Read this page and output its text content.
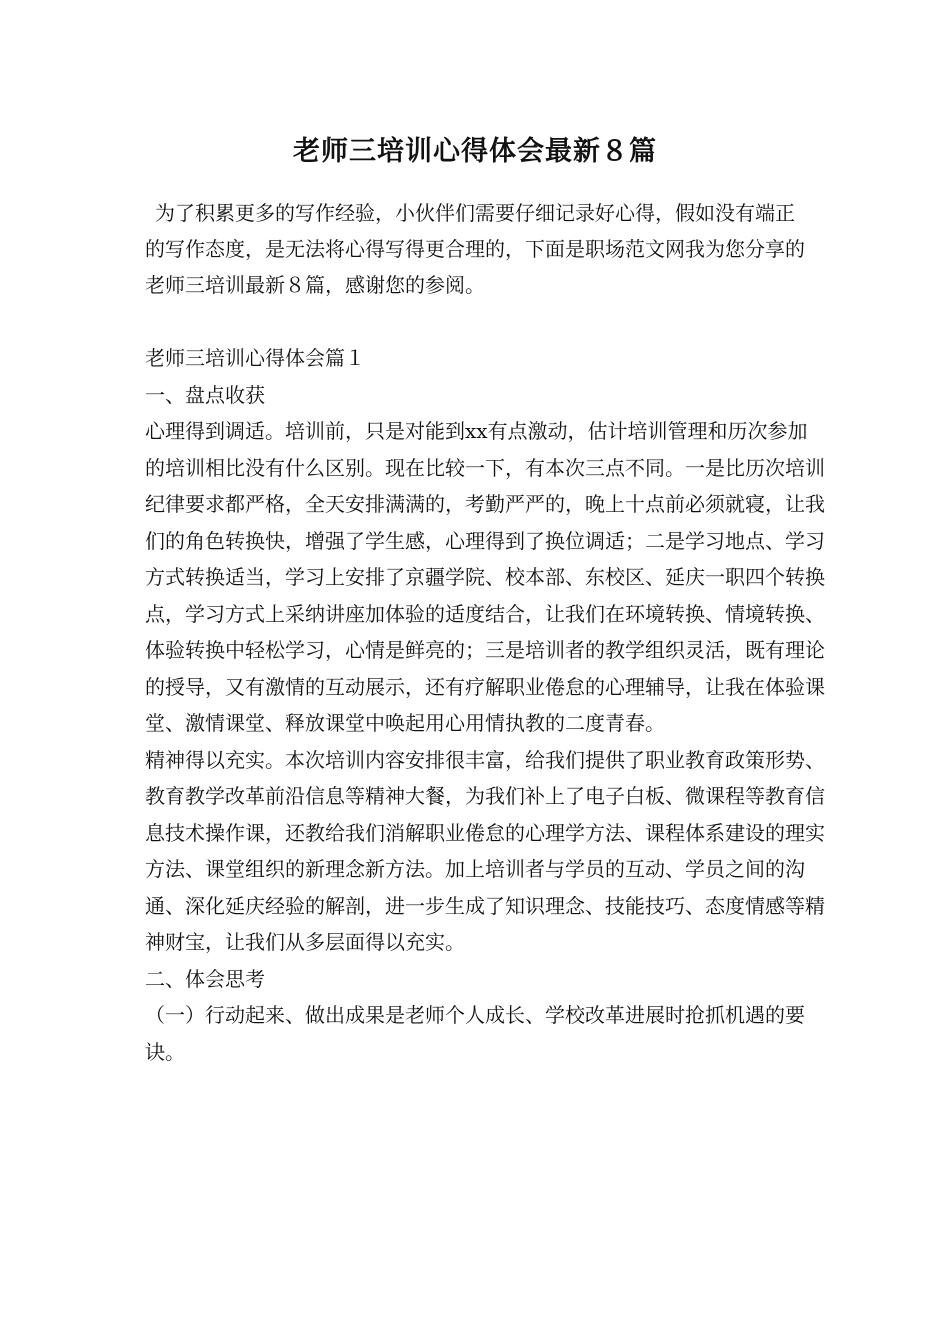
老师三培训心得体会最新８篇
为了积累更多的写作经验，小伙伴们需要仔细记录好心得，假如没有端正的写作态度，是无法将心得写得更合理的，下面是职场范文网我为您分享的老师三培训最新８篇，感谢您的参阅。

老师三培训心得体会篇１

一、盘点收获

心理得到调适。培训前，只是对能到xx有点激动，估计培训管理和历次参加的培训相比没有什么区别。现在比较一下，有本次三点不同。一是比历次培训纪律要求都严格，全天安排满满的，考勤严严的，晚上十点前必须就寝，让我们的角色转换快，增强了学生感，心理得到了换位调适；二是学习地点、学习方式转换适当，学习上安排了京疆学院、校本部、东校区、延庆一职四个转换点，学习方式上采纳讲座加体验的适度结合，让我们在环境转换、情境转换、体验转换中轻松学习，心情是鲜亮的；三是培训者的教学组织灵活，既有理论的授导，又有激情的互动展示，还有疗解职业倦怠的心理辅导，让我在体验课堂、激情课堂、释放课堂中唤起用心用情执教的二度青春。

精神得以充实。本次培训内容安排很丰富，给我们提供了职业教育政策形势、教育教学改革前沿信息等精神大餐，为我们补上了电子白板、微课程等教育信息技术操作课，还教给我们消解职业倦怠的心理学方法、课程体系建设的理实方法、课堂组织的新理念新方法。加上培训者与学员的互动、学员之间的沟通、深化延庆经验的解剖，进一步生成了知识理念、技能技巧、态度情感等精神财宝，让我们从多层面得以充实。

二、体会思考

（一）行动起来、做出成果是老师个人成长、学校改革进展时抢抓机遇的要诀。
